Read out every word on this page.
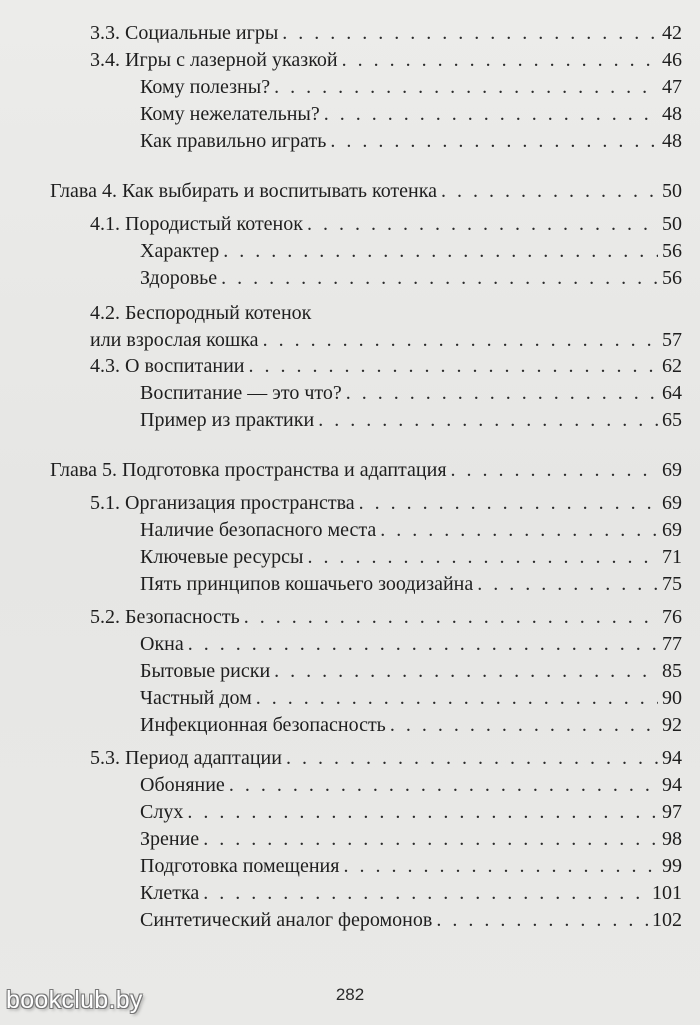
3.3. Социальные игры . . .	42
3.4. Игры с лазерной указкой . . .	46
Кому полезны? . . .	47
Кому нежелательны? . . .	48
Как правильно играть . . .	48
Глава 4. Как выбирать и воспитывать котенка . . .	50
4.1. Породистый котенок . . .	50
Характер . . .	56
Здоровье . . .	56
4.2. Беспородный котенок
или взрослая кошка . . .	57
4.3. О воспитании . . .	62
Воспитание — это что? . . .	64
Пример из практики . . .	65
Глава 5. Подготовка пространства и адаптация . . .	69
5.1. Организация пространства . . .	69
Наличие безопасного места . . .	69
Ключевые ресурсы . . .	71
Пять принципов кошачьего зоодизайна . . .	75
5.2. Безопасность . . .	76
Окна . . .	77
Бытовые риски . . .	85
Частный дом . . .	90
Инфекционная безопасность . . .	92
5.3. Период адаптации . . .	94
Обоняние . . .	94
Слух . . .	97
Зрение . . .	98
Подготовка помещения . . .	99
Клетка . . .	101
Синтетический аналог феромонов . . .	102
282
bookclub.by
